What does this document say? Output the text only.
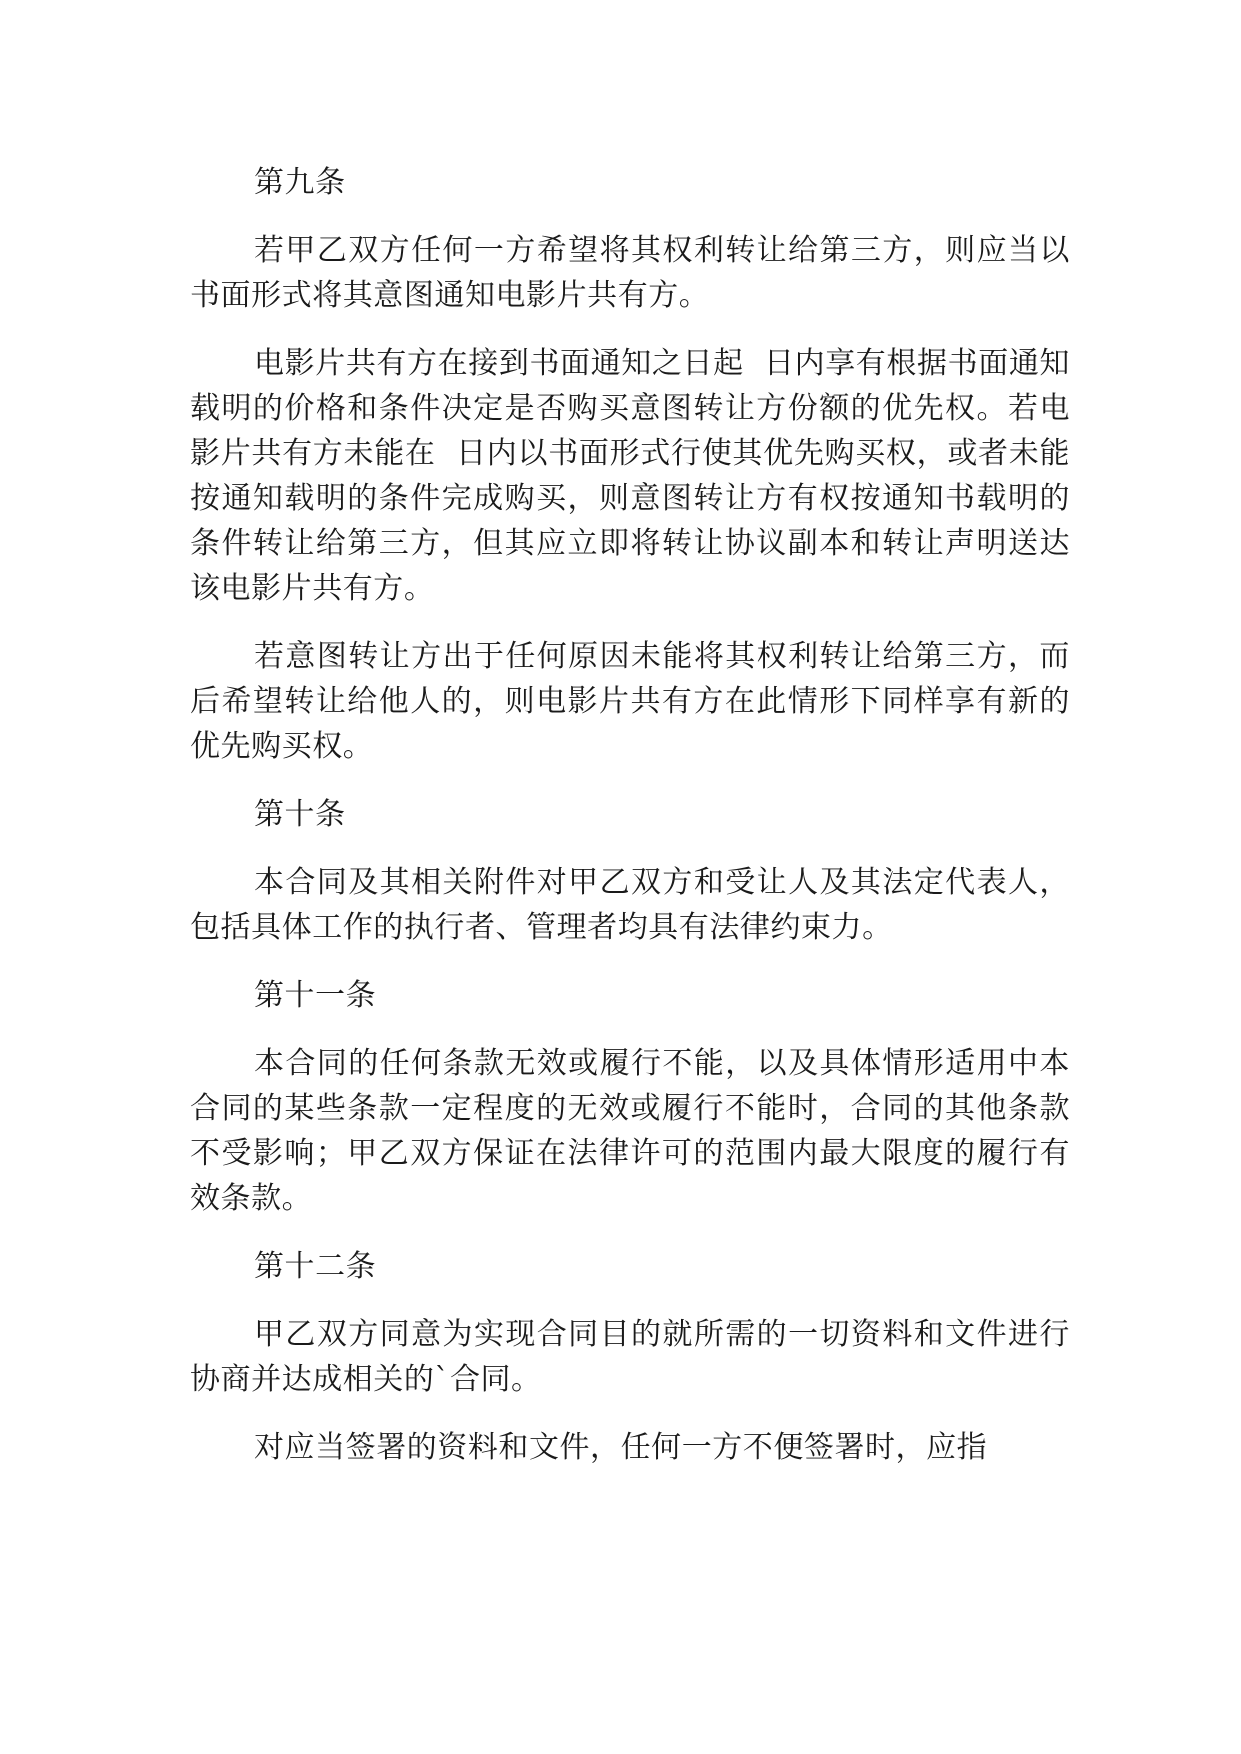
第九条

若甲乙双方任何一方希望将其权利转让给第三方，则应当以书面形式将其意图通知电影片共有方。

电影片共有方在接到书面通知之日起  日内享有根据书面通知载明的价格和条件决定是否购买意图转让方份额的优先权。若电影片共有方未能在  日内以书面形式行使其优先购买权，或者未能按通知载明的条件完成购买，则意图转让方有权按通知书载明的条件转让给第三方，但其应立即将转让协议副本和转让声明送达该电影片共有方。

若意图转让方出于任何原因未能将其权利转让给第三方，而后希望转让给他人的，则电影片共有方在此情形下同样享有新的优先购买权。

第十条

本合同及其相关附件对甲乙双方和受让人及其法定代表人，包括具体工作的执行者、管理者均具有法律约束力。

第十一条

本合同的任何条款无效或履行不能，以及具体情形适用中本合同的某些条款一定程度的无效或履行不能时，合同的其他条款不受影响；甲乙双方保证在法律许可的范围内最大限度的履行有效条款。

第十二条

甲乙双方同意为实现合同目的就所需的一切资料和文件进行协商并达成相关的`合同。

对应当签署的资料和文件，任何一方不便签署时，应指
